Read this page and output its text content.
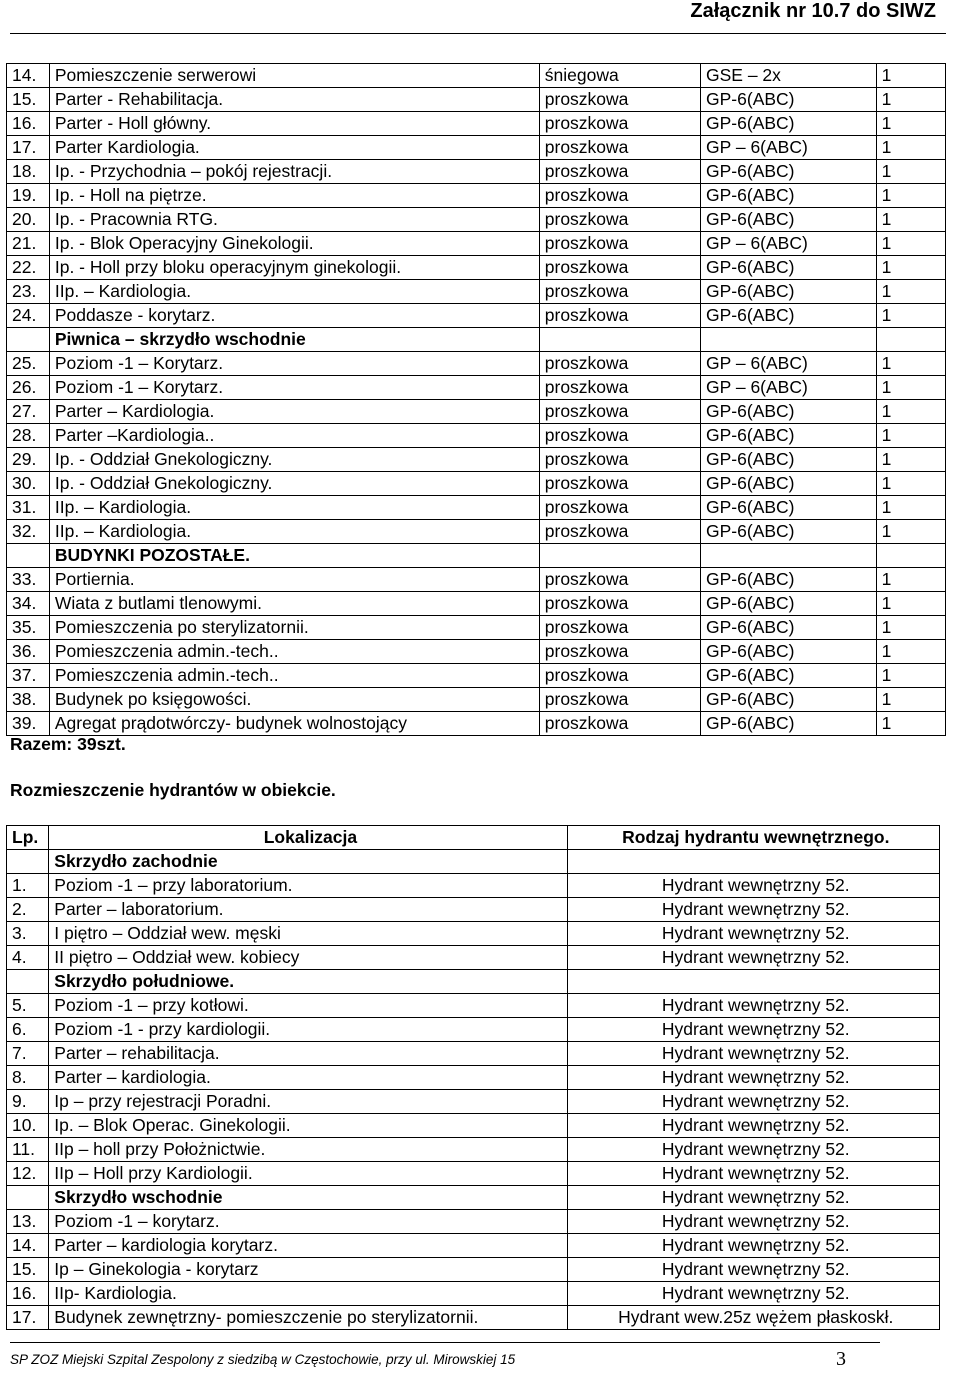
Załącznik nr 10.7 do SIWZ
14.	Pomieszczenie serwerowi	śniegowa	GSE – 2x	1
15.	Parter - Rehabilitacja.	proszkowa	GP-6(ABC)	1
16.	Parter - Holl główny.	proszkowa	GP-6(ABC)	1
17.	Parter Kardiologia.	proszkowa	GP – 6(ABC)	1
18.	Ip. - Przychodnia – pokój rejestracji.	proszkowa	GP-6(ABC)	1
19.	Ip. - Holl na piętrze.	proszkowa	GP-6(ABC)	1
20.	Ip. - Pracownia RTG.	proszkowa	GP-6(ABC)	1
21.	Ip. - Blok Operacyjny Ginekologii.	proszkowa	GP – 6(ABC)	1
22.	Ip. - Holl przy bloku operacyjnym ginekologii.	proszkowa	GP-6(ABC)	1
23.	IIp. – Kardiologia.	proszkowa	GP-6(ABC)	1
24.	Poddasze - korytarz.	proszkowa	GP-6(ABC)	1
	Piwnica – skrzydło wschodnie			
25.	Poziom -1 – Korytarz.	proszkowa	GP – 6(ABC)	1
26.	Poziom -1 – Korytarz.	proszkowa	GP – 6(ABC)	1
27.	Parter – Kardiologia.	proszkowa	GP-6(ABC)	1
28.	Parter –Kardiologia..	proszkowa	GP-6(ABC)	1
29.	Ip. - Oddział Gnekologiczny.	proszkowa	GP-6(ABC)	1
30.	Ip. - Oddział Gnekologiczny.	proszkowa	GP-6(ABC)	1
31.	IIp. – Kardiologia.	proszkowa	GP-6(ABC)	1
32.	IIp. – Kardiologia.	proszkowa	GP-6(ABC)	1
	BUDYNKI POZOSTAŁE.			
33.	Portiernia.	proszkowa	GP-6(ABC)	1
34.	Wiata z butlami tlenowymi.	proszkowa	GP-6(ABC)	1
35.	Pomieszczenia po sterylizatornii.	proszkowa	GP-6(ABC)	1
36.	Pomieszczenia admin.-tech..	proszkowa	GP-6(ABC)	1
37.	Pomieszczenia admin.-tech..	proszkowa	GP-6(ABC)	1
38.	Budynek po księgowości.	proszkowa	GP-6(ABC)	1
39.	Agregat prądotwórczy- budynek wolnostojący	proszkowa	GP-6(ABC)	1
Razem: 39szt.
Rozmieszczenie hydrantów w obiekcie.
Lp.	Lokalizacja	Rodzaj hydrantu wewnętrznego.
	Skrzydło zachodnie	
1.	Poziom -1 – przy laboratorium.	Hydrant wewnętrzny 52.
2.	Parter – laboratorium.	Hydrant wewnętrzny 52.
3.	I piętro – Oddział wew. męski	Hydrant wewnętrzny 52.
4.	II piętro – Oddział wew. kobiecy	Hydrant wewnętrzny 52.
	Skrzydło południowe.	
5.	Poziom -1 – przy kotłowi.	Hydrant wewnętrzny 52.
6.	Poziom -1 - przy kardiologii.	Hydrant wewnętrzny 52.
7.	Parter – rehabilitacja.	Hydrant wewnętrzny 52.
8.	Parter – kardiologia.	Hydrant wewnętrzny 52.
9.	Ip – przy rejestracji Poradni.	Hydrant wewnętrzny 52.
10.	Ip. – Blok Operac. Ginekologii.	Hydrant wewnętrzny 52.
11.	IIp – holl przy Położnictwie.	Hydrant wewnętrzny 52.
12.	IIp – Holl przy Kardiologii.	Hydrant wewnętrzny 52.
	Skrzydło wschodnie	Hydrant wewnętrzny 52.
13.	Poziom -1 – korytarz.	Hydrant wewnętrzny 52.
14.	Parter – kardiologia korytarz.	Hydrant wewnętrzny 52.
15.	Ip – Ginekologia - korytarz	Hydrant wewnętrzny 52.
16.	IIp- Kardiologia.	Hydrant wewnętrzny 52.
17.	Budynek zewnętrzny- pomieszczenie po sterylizatornii.	Hydrant wew.25z wężem płaskoskł.
SP ZOZ Miejski Szpital Zespolony z siedzibą w Częstochowie, przy ul. Mirowskiej 15	3
